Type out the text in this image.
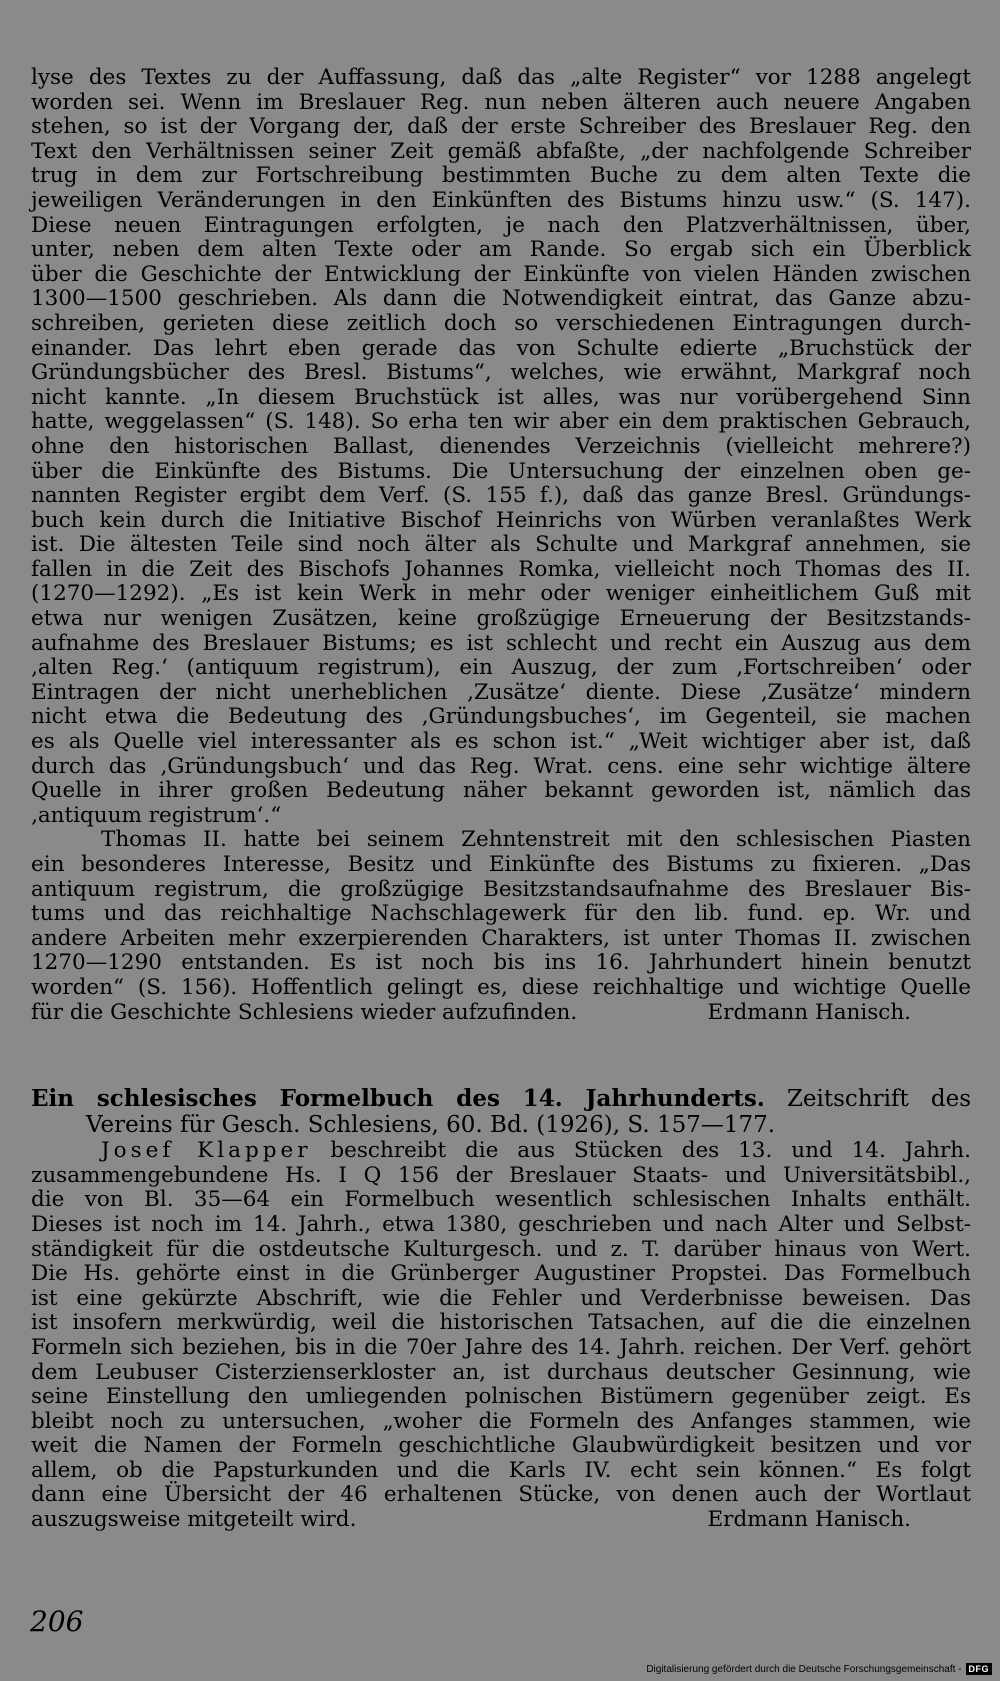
lyse des Textes zu der Auffassung, daß das „alte Register“ vor 1288 angelegt
worden sei. Wenn im Breslauer Reg. nun neben älteren auch neuere Angaben
stehen, so ist der Vorgang der, daß der erste Schreiber des Breslauer Reg. den
Text den Verhältnissen seiner Zeit gemäß abfaßte, „der nachfolgende Schreiber
trug in dem zur Fortschreibung bestimmten Buche zu dem alten Texte die
jeweiligen Veränderungen in den Einkünften des Bistums hinzu usw.“ (S. 147).
Diese neuen Eintragungen erfolgten, je nach den Platzverhältnissen, über,
unter, neben dem alten Texte oder am Rande. So ergab sich ein Überblick
über die Geschichte der Entwicklung der Einkünfte von vielen Händen zwischen
1300—1500 geschrieben. Als dann die Notwendigkeit eintrat, das Ganze abzu-
schreiben, gerieten diese zeitlich doch so verschiedenen Eintragungen durch-
einander. Das lehrt eben gerade das von Schulte edierte „Bruchstück der
Gründungsbücher des Bresl. Bistums“, welches, wie erwähnt, Markgraf noch
nicht kannte. „In diesem Bruchstück ist alles, was nur vorübergehend Sinn
hatte, weggelassen“ (S. 148). So erha ten wir aber ein dem praktischen Gebrauch,
ohne den historischen Ballast, dienendes Verzeichnis (vielleicht mehrere?)
über die Einkünfte des Bistums. Die Untersuchung der einzelnen oben ge-
nannten Register ergibt dem Verf. (S. 155 f.), daß das ganze Bresl. Gründungs-
buch kein durch die Initiative Bischof Heinrichs von Würben veranlaßtes Werk
ist. Die ältesten Teile sind noch älter als Schulte und Markgraf annehmen, sie
fallen in die Zeit des Bischofs Johannes Romka, vielleicht noch Thomas des II.
(1270—1292). „Es ist kein Werk in mehr oder weniger einheitlichem Guß mit
etwa nur wenigen Zusätzen, keine großzügige Erneuerung der Besitzstands-
aufnahme des Breslauer Bistums; es ist schlecht und recht ein Auszug aus dem
‚alten Reg.‘ (antiquum registrum), ein Auszug, der zum ‚Fortschreiben‘ oder
Eintragen der nicht unerheblichen ‚Zusätze‘ diente. Diese ‚Zusätze‘ mindern
nicht etwa die Bedeutung des ‚Gründungsbuches‘, im Gegenteil, sie machen
es als Quelle viel interessanter als es schon ist.“ „Weit wichtiger aber ist, daß
durch das ‚Gründungsbuch‘ und das Reg. Wrat. cens. eine sehr wichtige ältere
Quelle in ihrer großen Bedeutung näher bekannt geworden ist, nämlich das
‚antiquum registrum‘.“
Thomas II. hatte bei seinem Zehntenstreit mit den schlesischen Piasten
ein besonderes Interesse, Besitz und Einkünfte des Bistums zu fixieren. „Das
antiquum registrum, die großzügige Besitzstandsaufnahme des Breslauer Bis-
tums und das reichhaltige Nachschlagewerk für den lib. fund. ep. Wr. und
andere Arbeiten mehr exzerpierenden Charakters, ist unter Thomas II. zwischen
1270—1290 entstanden. Es ist noch bis ins 16. Jahrhundert hinein benutzt
worden“ (S. 156). Hoffentlich gelingt es, diese reichhaltige und wichtige Quelle
für die Geschichte Schlesiens wieder aufzufinden.	Erdmann Hanisch.
Ein schlesisches Formelbuch des 14. Jahrhunderts. Zeitschrift des
Vereins für Gesch. Schlesiens, 60. Bd. (1926), S. 157—177.
Josef Klapper beschreibt die aus Stücken des 13. und 14. Jahrh.
zusammengebundene Hs. I Q 156 der Breslauer Staats- und Universitätsbibl.,
die von Bl. 35—64 ein Formelbuch wesentlich schlesischen Inhalts enthält.
Dieses ist noch im 14. Jahrh., etwa 1380, geschrieben und nach Alter und Selbst-
ständigkeit für die ostdeutsche Kulturgesch. und z. T. darüber hinaus von Wert.
Die Hs. gehörte einst in die Grünberger Augustiner Propstei. Das Formelbuch
ist eine gekürzte Abschrift, wie die Fehler und Verderbnisse beweisen. Das
ist insofern merkwürdig, weil die historischen Tatsachen, auf die die einzelnen
Formeln sich beziehen, bis in die 70er Jahre des 14. Jahrh. reichen. Der Verf. gehört
dem Leubuser Cisterzienserkloster an, ist durchaus deutscher Gesinnung, wie
seine Einstellung den umliegenden polnischen Bistümern gegenüber zeigt. Es
bleibt noch zu untersuchen, „woher die Formeln des Anfanges stammen, wie
weit die Namen der Formeln geschichtliche Glaubwürdigkeit besitzen und vor
allem, ob die Papsturkunden und die Karls IV. echt sein können.“ Es folgt
dann eine Übersicht der 46 erhaltenen Stücke, von denen auch der Wortlaut
auszugsweise mitgeteilt wird.	Erdmann Hanisch.
206
Digitalisierung gefördert durch die Deutsche Forschungsgemeinschaft - DFG
